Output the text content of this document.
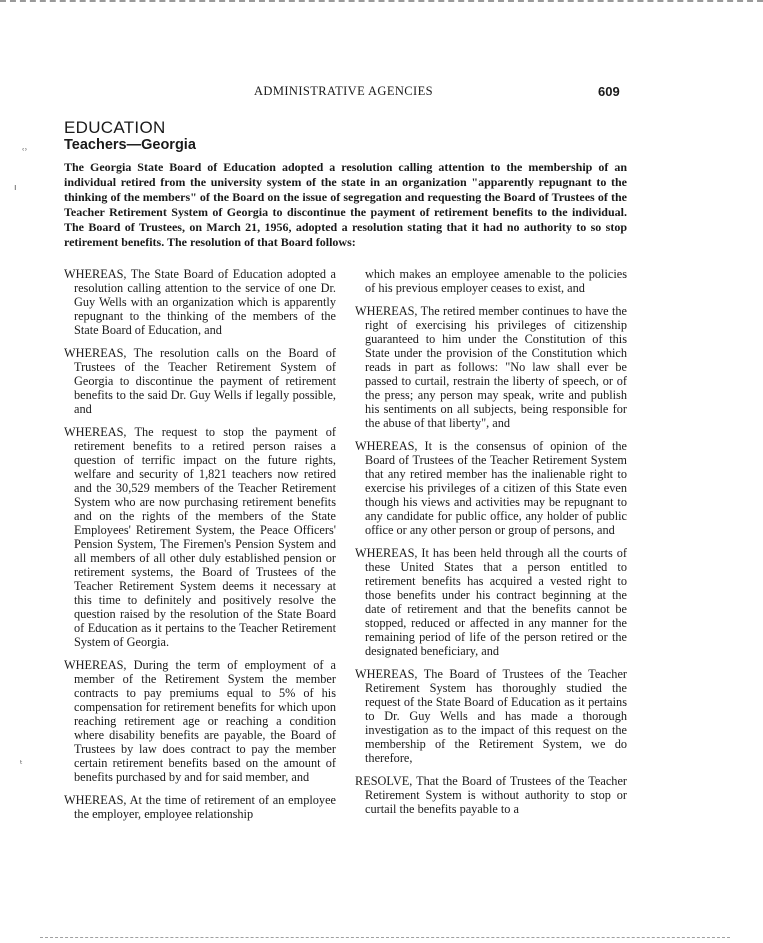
ADMINISTRATIVE AGENCIES	609
EDUCATION
Teachers—Georgia

The Georgia State Board of Education adopted a resolution calling attention to the membership of an individual retired from the university system of the state in an organization "apparently repugnant to the thinking of the members" of the Board on the issue of segregation and requesting the Board of Trustees of the Teacher Retirement System of Georgia to discontinue the payment of retirement benefits to the individual. The Board of Trustees, on March 21, 1956, adopted a resolution stating that it had no authority to so stop retirement benefits. The resolution of that Board follows:

ʿʾ
ı
ᵗ

WHEREAS, The State Board of Education adopted a resolution calling attention to the service of one Dr. Guy Wells with an organization which is apparently repugnant to the thinking of the members of the State Board of Education, and

WHEREAS, The resolution calls on the Board of Trustees of the Teacher Retirement System of Georgia to discontinue the payment of retirement benefits to the said Dr. Guy Wells if legally possible, and

WHEREAS, The request to stop the payment of retirement benefits to a retired person raises a question of terrific impact on the future rights, welfare and security of 1,821 teachers now retired and the 30,529 members of the Teacher Retirement System who are now purchasing retirement benefits and on the rights of the members of the State Employees' Retirement System, the Peace Officers' Pension System, The Firemen's Pension System and all members of all other duly established pension or retirement systems, the Board of Trustees of the Teacher Retirement System deems it necessary at this time to definitely and positively resolve the question raised by the resolution of the State Board of Education as it pertains to the Teacher Retirement System of Georgia.

WHEREAS, During the term of employment of a member of the Retirement System the member contracts to pay premiums equal to 5% of his compensation for retirement benefits for which upon reaching retirement age or reaching a condition where disability benefits are payable, the Board of Trustees by law does contract to pay the member certain retirement benefits based on the amount of benefits purchased by and for said member, and

WHEREAS, At the time of retirement of an employee the employer, employee relationship

which makes an employee amenable to the policies of his previous employer ceases to exist, and

WHEREAS, The retired member continues to have the right of exercising his privileges of citizenship guaranteed to him under the Constitution of this State under the provision of the Constitution which reads in part as follows: "No law shall ever be passed to curtail, restrain the liberty of speech, or of the press; any person may speak, write and publish his sentiments on all subjects, being responsible for the abuse of that liberty", and

WHEREAS, It is the consensus of opinion of the Board of Trustees of the Teacher Retirement System that any retired member has the inalienable right to exercise his privileges of a citizen of this State even though his views and activities may be repugnant to any candidate for public office, any holder of public office or any other person or group of persons, and

WHEREAS, It has been held through all the courts of these United States that a person entitled to retirement benefits has acquired a vested right to those benefits under his contract beginning at the date of retirement and that the benefits cannot be stopped, reduced or affected in any manner for the remaining period of life of the person retired or the designated beneficiary, and

WHEREAS, The Board of Trustees of the Teacher Retirement System has thoroughly studied the request of the State Board of Education as it pertains to Dr. Guy Wells and has made a thorough investigation as to the impact of this request on the membership of the Retirement System, we do therefore,

RESOLVE, That the Board of Trustees of the Teacher Retirement System is without authority to stop or curtail the benefits payable to a
